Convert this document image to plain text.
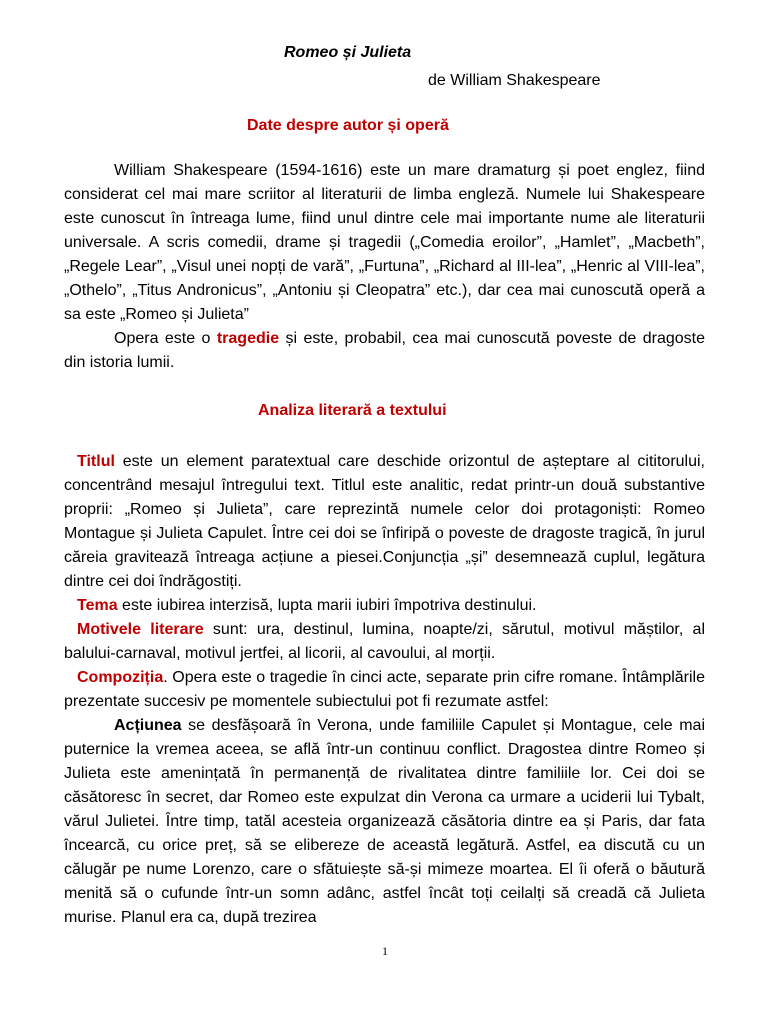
Romeo și Julieta
de William Shakespeare
Date despre autor și operă

William Shakespeare (1594-1616) este un mare dramaturg și poet englez, fiind considerat cel mai mare scriitor al literaturii de limba engleză. Numele lui Shakespeare este cunoscut în întreaga lume, fiind unul dintre cele mai importante nume ale literaturii universale. A scris comedii, drame și tragedii („Comedia eroilor”, „Hamlet”, „Macbeth”, „Regele Lear”, „Visul unei nopți de vară”, „Furtuna”, „Richard al III-lea”, „Henric al VIII-lea”, „Othelo”, „Titus Andronicus”, „Antoniu și Cleopatra” etc.), dar cea mai cunoscută operă a sa este „Romeo și Julieta”

Opera este o tragedie și este, probabil, cea mai cunoscută poveste de dragoste din istoria lumii.

Analiza literară a textului

Titlul este un element paratextual care deschide orizontul de așteptare al cititorului, concentrând mesajul întregului text. Titlul este analitic, redat printr-un două substantive proprii: „Romeo și Julieta”, care reprezintă numele celor doi protagoniști: Romeo Montague și Julieta Capulet. Între cei doi se înfiripă o poveste de dragoste tragică, în jurul căreia gravitează întreaga acțiune a piesei.Conjuncția „și” desemnează cuplul, legătura dintre cei doi îndrăgostiți.

Tema este iubirea interzisă, lupta marii iubiri împotriva destinului.

Motivele literare sunt: ura, destinul, lumina, noapte/zi, sărutul, motivul măștilor, al balului-carnaval, motivul jertfei, al licorii, al cavoului, al morții.

Compoziția. Opera este o tragedie în cinci acte, separate prin cifre romane. Întâmplările prezentate succesiv pe momentele subiectului pot fi rezumate astfel:

Acțiunea se desfășoară în Verona, unde familiile Capulet și Montague, cele mai puternice la vremea aceea, se află într-un continuu conflict. Dragostea dintre Romeo și Julieta este amenințată în permanență de rivalitatea dintre familiile lor. Cei doi se căsătoresc în secret, dar Romeo este expulzat din Verona ca urmare a uciderii lui Tybalt, vărul Julietei. Între timp, tatăl acesteia organizează căsătoria dintre ea și Paris, dar fata încearcă, cu orice preț, să se elibereze de această legătură. Astfel, ea discută cu un călugăr pe nume Lorenzo, care o sfătuiește să-și mimeze moartea. El îi oferă o băutură menită să o cufunde într-un somn adânc, astfel încât toți ceilalți să creadă că Julieta murise. Planul era ca, după trezirea

1
